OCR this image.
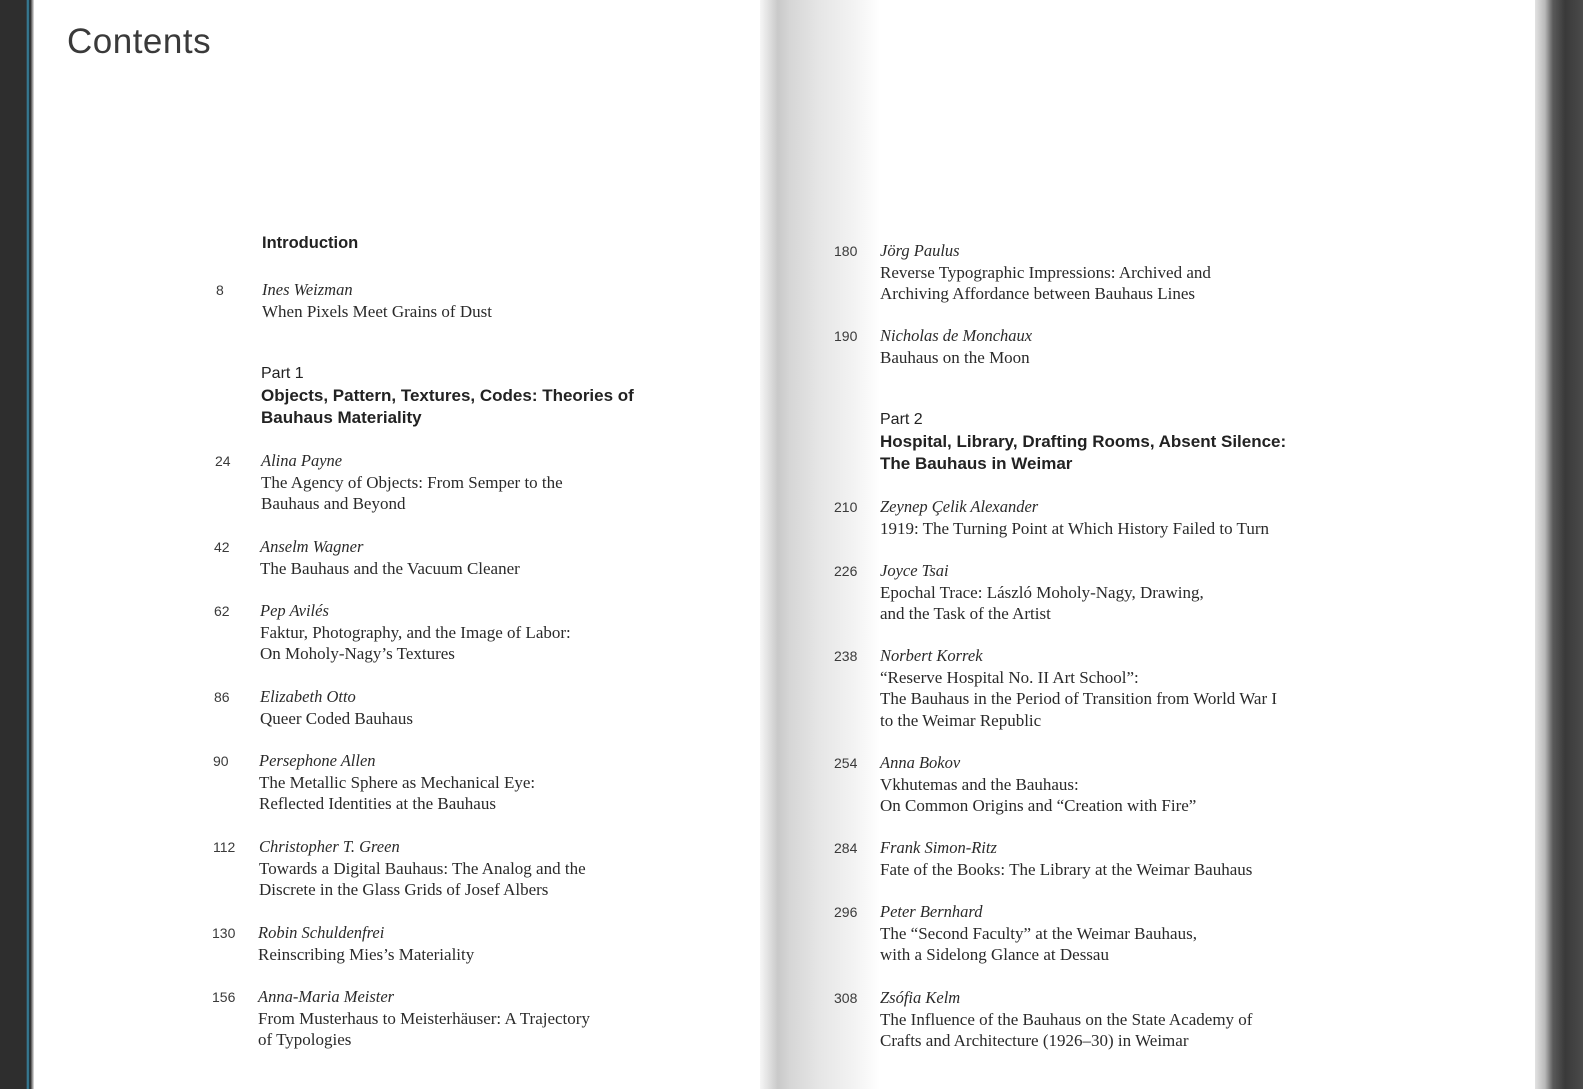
Contents
Introduction
8	Ines Weizman
When Pixels Meet Grains of Dust
Part 1
Objects, Pattern, Textures, Codes: Theories of
Bauhaus Materiality
24	Alina Payne
The Agency of Objects: From Semper to the
Bauhaus and Beyond
42	Anselm Wagner
The Bauhaus and the Vacuum Cleaner
62	Pep Avilés
Faktur, Photography, and the Image of Labor:
On Moholy-Nagy’s Textures
86	Elizabeth Otto
Queer Coded Bauhaus
90	Persephone Allen
The Metallic Sphere as Mechanical Eye:
Reflected Identities at the Bauhaus
112	Christopher T. Green
Towards a Digital Bauhaus: The Analog and the
Discrete in the Glass Grids of Josef Albers
130	Robin Schuldenfrei
Reinscribing Mies’s Materiality
156	Anna-Maria Meister
From Musterhaus to Meisterhäuser: A Trajectory
of Typologies
180	Jörg Paulus
Reverse Typographic Impressions: Archived and
Archiving Affordance between Bauhaus Lines
190	Nicholas de Monchaux
Bauhaus on the Moon
Part 2
Hospital, Library, Drafting Rooms, Absent Silence:
The Bauhaus in Weimar
210	Zeynep Çelik Alexander
1919: The Turning Point at Which History Failed to Turn
226	Joyce Tsai
Epochal Trace: László Moholy-Nagy, Drawing,
and the Task of the Artist
238	Norbert Korrek
“Reserve Hospital No. II Art School”:
The Bauhaus in the Period of Transition from World War I
to the Weimar Republic
254	Anna Bokov
Vkhutemas and the Bauhaus:
On Common Origins and “Creation with Fire”
284	Frank Simon-Ritz
Fate of the Books: The Library at the Weimar Bauhaus
296	Peter Bernhard
The “Second Faculty” at the Weimar Bauhaus,
with a Sidelong Glance at Dessau
308	Zsófia Kelm
The Influence of the Bauhaus on the State Academy of
Crafts and Architecture (1926–30) in Weimar
